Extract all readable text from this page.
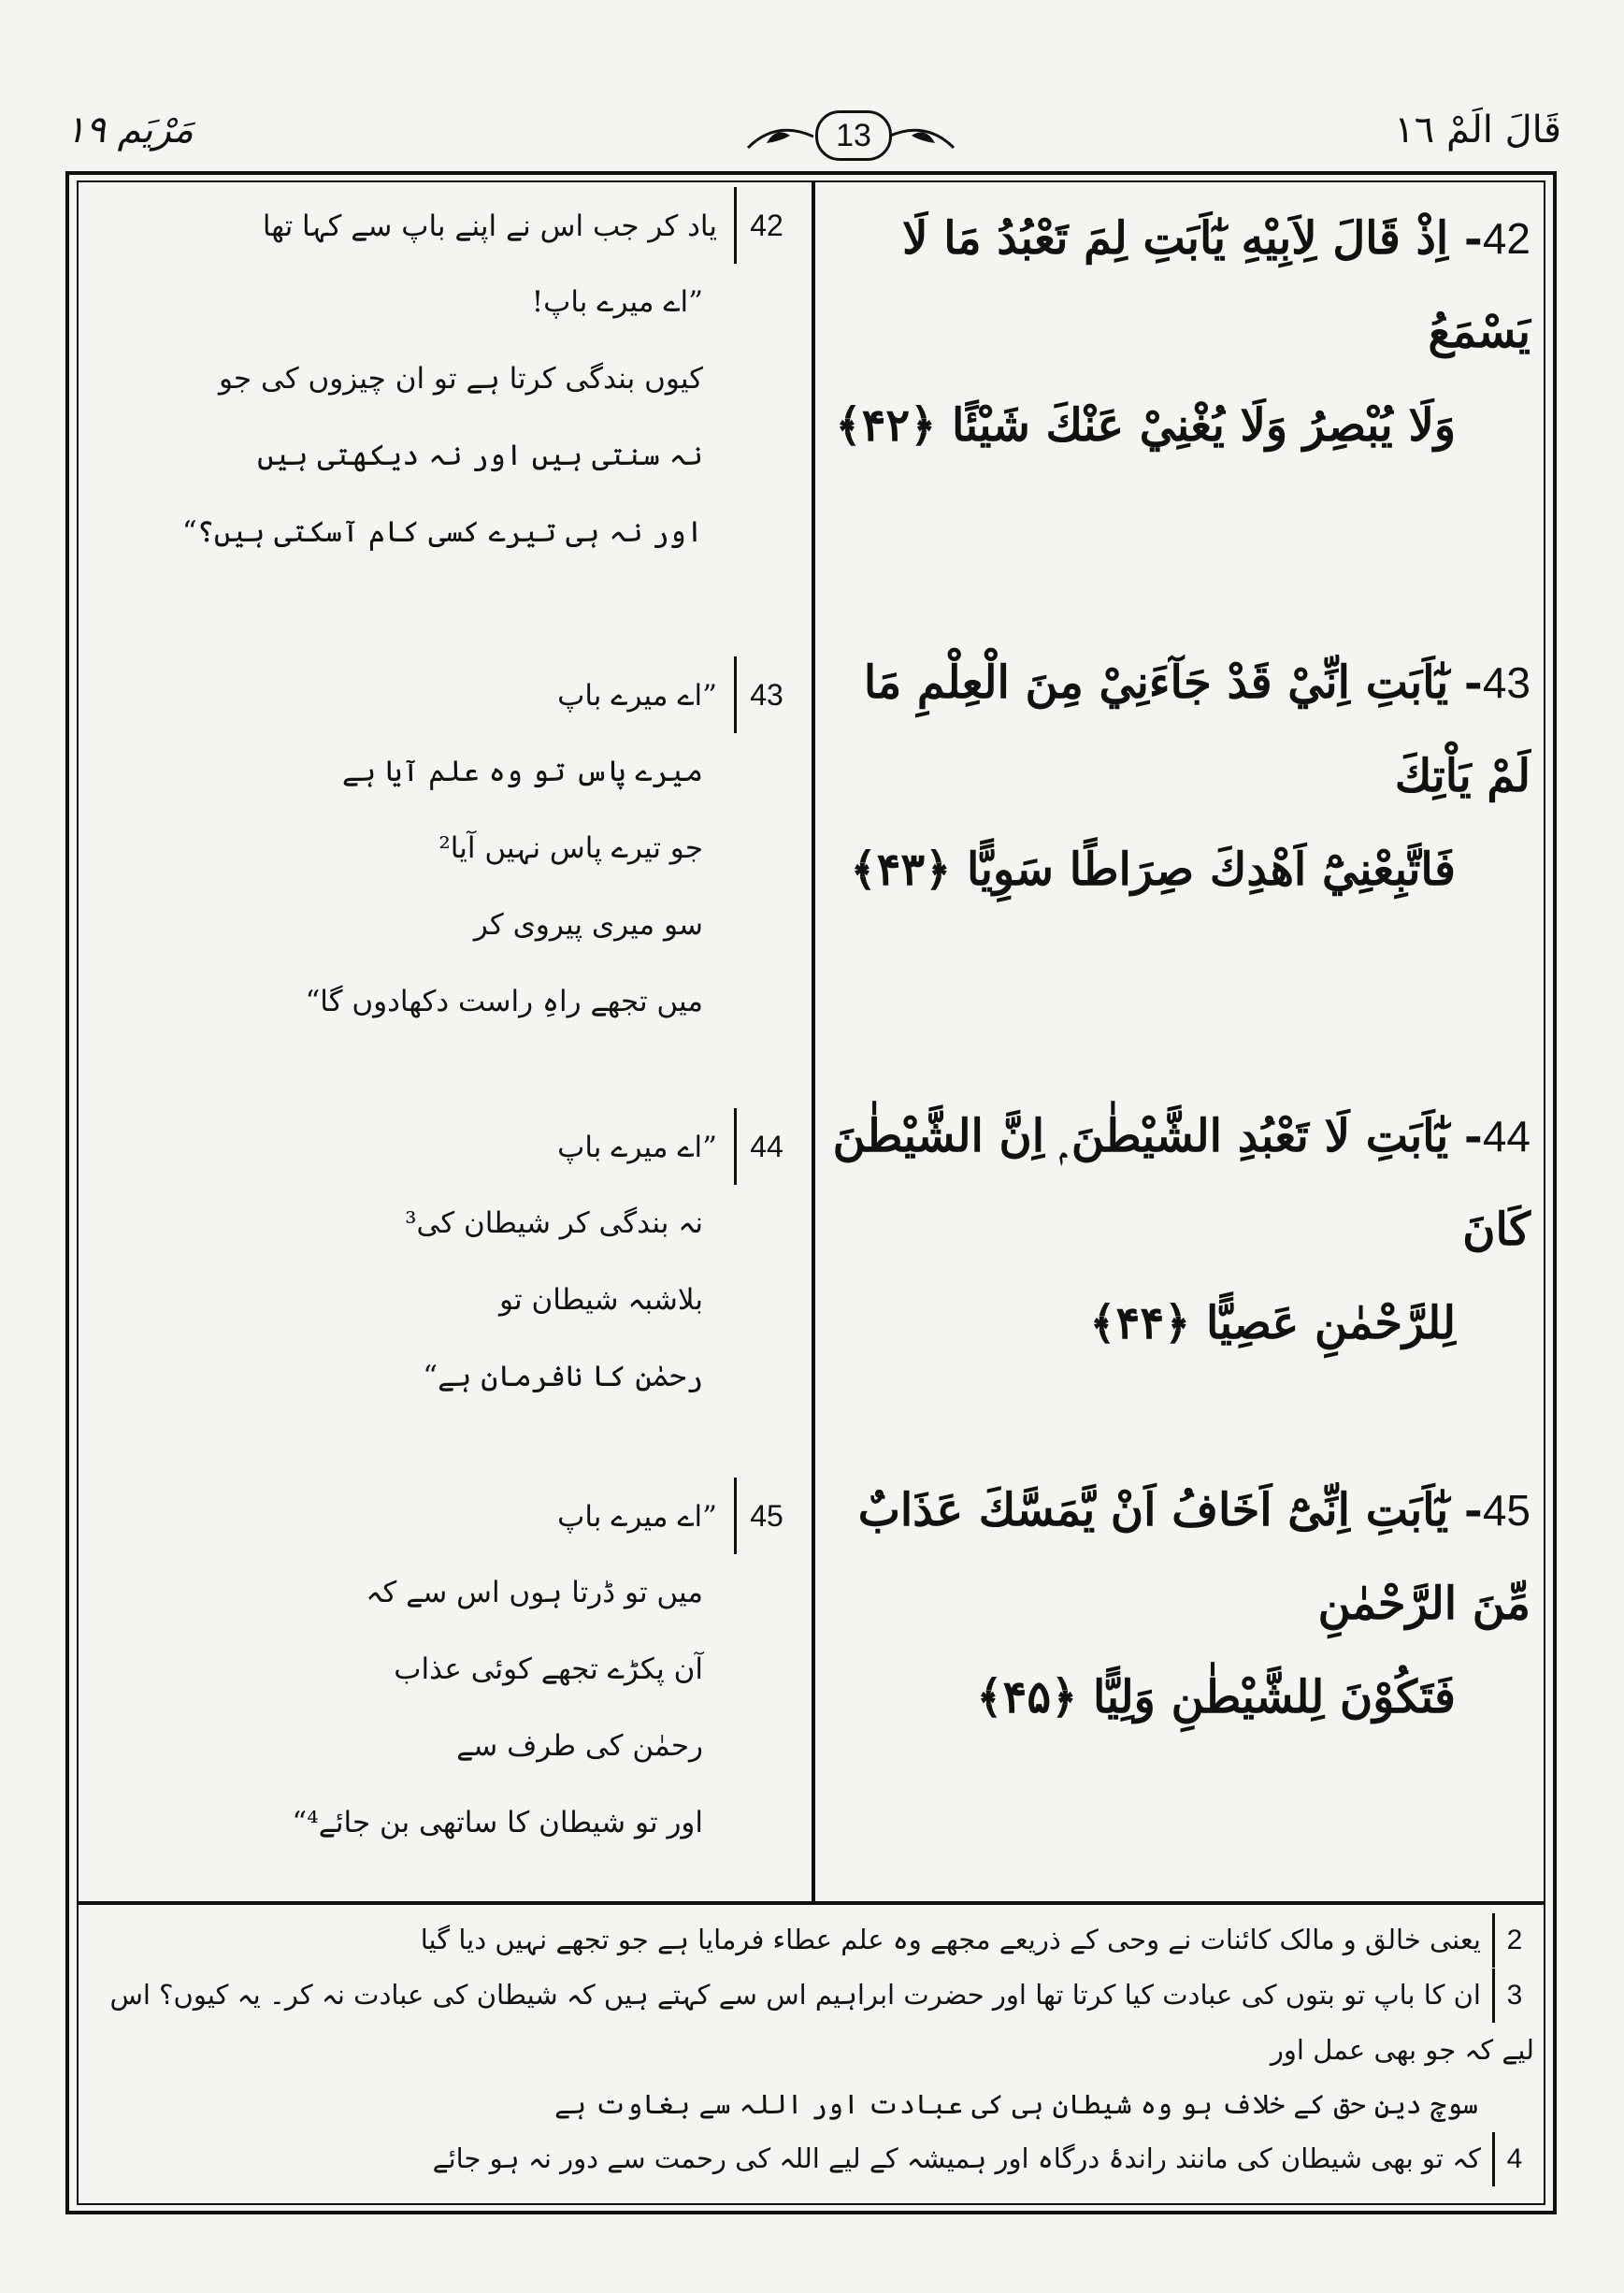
قَالَ الَمْ ١٦
13
مَرْيَم ١٩
42- اِذْ قَالَ لِاَبِيْهِ يٰٓاَبَتِ لِمَ تَعْبُدُ مَا لَا يَسْمَعُ
وَلَا يُبْصِرُ وَلَا يُغْنِيْ عَنْكَ شَيْئًا ﴿۴۲﴾
43- يٰٓاَبَتِ اِنِّيْ قَدْ جَآءَنِيْ مِنَ الْعِلْمِ مَا لَمْ يَاْتِكَ
فَاتَّبِعْنِيْٓ اَهْدِكَ صِرَاطًا سَوِيًّا ﴿۴۳﴾
44- يٰٓاَبَتِ لَا تَعْبُدِ الشَّيْطٰنَ ۭ اِنَّ الشَّيْطٰنَ كَانَ
لِلرَّحْمٰنِ عَصِيًّا ﴿۴۴﴾
45- يٰٓاَبَتِ اِنِّىْٓ اَخَافُ اَنْ يَّمَسَّكَ عَذَابٌ مِّنَ الرَّحْمٰنِ
فَتَكُوْنَ لِلشَّيْطٰنِ وَلِيًّا ﴿۴۵﴾
42یاد کر جب اس نے اپنے باپ سے کہا تھا
”اے میرے باپ!
کیوں بندگی کرتا ہے تو ان چیزوں کی جو
نہ سنتی ہیں اور نہ دیکھتی ہیں
اور نہ ہی تیرے کسی کام آسکتی ہیں؟“
43”اے میرے باپ
میرے پاس تو وہ علم آیا ہے
جو تیرے پاس نہیں آیا²
سو میری پیروی کر
میں تجھے راہِ راست دکھادوں گا“
44”اے میرے باپ
نہ بندگی کر شیطان کی³
بلاشبہ شیطان تو
رحمٰن کا نافرمان ہے“
45”اے میرے باپ
میں تو ڈرتا ہوں اس سے کہ
آن پکڑے تجھے کوئی عذاب
رحمٰن کی طرف سے
اور تو شیطان کا ساتھی بن جائے⁴“
2یعنی خالق و مالک کائنات نے وحی کے ذریعے مجھے وہ علم عطاء فرمایا ہے جو تجھے نہیں دیا گیا
3ان کا باپ تو بتوں کی عبادت کیا کرتا تھا اور حضرت ابراہیم اس سے کہتے ہیں کہ شیطان کی عبادت نہ کر۔ یہ کیوں؟ اس لیے کہ جو بھی عمل اور
سوچ دینِ حق کے خلاف ہو وہ شیطان ہی کی عبادت اور اللہ سے بغاوت ہے
4کہ تو بھی شیطان کی مانند راندۂ درگاہ اور ہمیشہ کے لیے اللہ کی رحمت سے دور نہ ہو جائے
